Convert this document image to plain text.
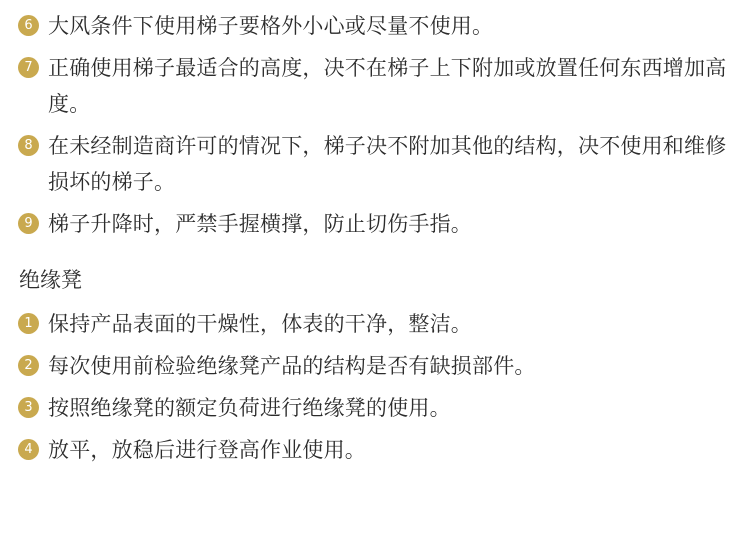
6 大风条件下使用梯子要格外小心或尽量不使用。
7 正确使用梯子最适合的高度，决不在梯子上下附加或放置任何东西增加高度。
8 在未经制造商许可的情况下，梯子决不附加其他的结构，决不使用和维修损坏的梯子。
9 梯子升降时，严禁手握横撑，防止切伤手指。
绝缘凳
1 保持产品表面的干燥性，体表的干净，整洁。
2 每次使用前检验绝缘凳产品的结构是否有缺损部件。
3 按照绝缘凳的额定负荷进行绝缘凳的使用。
4 放平，放稳后进行登高作业使用。
